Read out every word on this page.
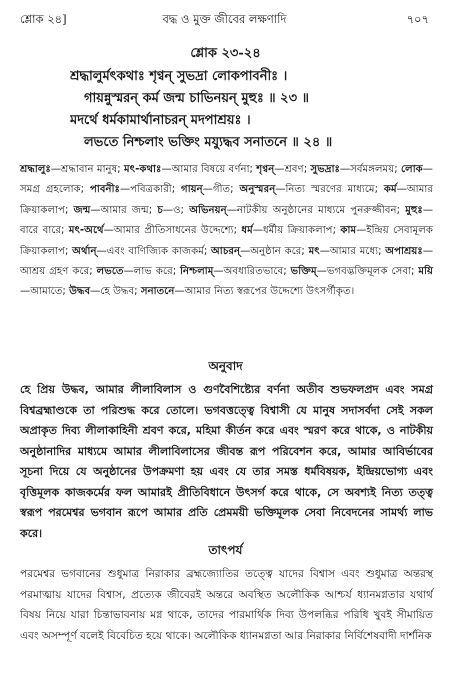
শ্লোক ২৪]	বদ্ধ ও মুক্ত জীবের লক্ষণাদি	৭০৭
শ্লোক ২৩-২৪
শ্রদ্ধালুর্মৎকথাঃ শৃণ্বন্ সুভদ্রা লোকপাবনীঃ ।
গায়ন্নুস্মরন্ কর্ম জন্ম চাভিনয়ন্ মুহুঃ ॥ ২৩ ॥
মদর্থে ধর্মকামার্থানাচরন্ মদপাশ্রয়ঃ ।
লভতে নিশ্চলাং ভক্তিং ময্যুদ্ধব সনাতনে ॥ ২৪ ॥
শ্রদ্ধালুঃ—শ্রদ্ধাবান মানুষ; মৎ-কথাঃ—আমার বিষয়ে বর্ণনা; শৃণ্বন্—শ্রবণ; সুভদ্রাঃ—সর্বমঙ্গলময়; লোক—সমগ্র গ্রহলোক; পাবনীঃ—পবিত্রকারী; গায়ন্—গীত; অনুস্মরন্—নিত্য স্মরণের মাধ্যমে; কর্ম—আমার ক্রিয়াকলাপ; জন্ম—আমার জন্ম; চ—ও; অভিনয়ন্—নাটকীয় অনুষ্ঠানের মাধ্যমে পুনরুজ্জীবন; মুহুঃ—বারে বারে; মৎ-অর্থে—আমার প্রীতিসাধনের উদ্দেশ্যে; ধর্ম—ধর্মীয় ক্রিয়াকলাপ; কাম—ইন্দ্রিয় সেবামূলক ক্রিয়াকলাপ; অর্থান্—এবং বাণিজ্যিক কাজকর্ম; আচরন্—অনুষ্ঠান করে; মৎ—আমার মধ্যে; অপাশ্রয়ঃ—আশ্রয় গ্রহণ করে; লভতে—লাভ করে; নিশ্চলাম্—অবধারিতভাবে; ভক্তিম্—ভগবদ্ভক্তিমূলক সেবা; ময়ি—আমাতে; উদ্ধব—হে উদ্ধব; সনাতনে—আমার নিত্য স্বরূপের উদ্দেশ্যে উৎসর্গীকৃত।
অনুবাদ
হে প্রিয় উদ্ধব, আমার লীলাবিলাস ও গুণবৈশিষ্ট্যের বর্ণনা অতীব শুভফলপ্রদ এবং সমগ্র বিশ্বব্রহ্মাণ্ডকে তা পরিশুদ্ধ করে তোলে। ভগবত্তত্ত্বে বিশ্বাসী যে মানুষ সদাসর্বদা সেই সকল অপ্রাকৃত দিব্য লীলাকাহিনী শ্রবণ করে, মহিমা কীর্তন করে এবং স্মরণ করে থাকে, ও নাটকীয় অনুষ্ঠানাদির মাধ্যমে আমার লীলাবিলাসের জীবন্ত রূপ পরিবেশন করে, আমার আবির্ভাবের সূচনা দিয়ে যে অনুষ্ঠানের উপক্রমণা হয় এবং যে তার সমস্ত ধর্মবিষয়ক, ইন্দ্রিয়ভোগ্য এবং বৃত্তিমূলক কাজকর্মের ফল আমারই প্রীতিবিধানে উৎসর্গ করে থাকে, সে অবশ্যই নিত্য তত্ত্ব স্বরূপ পরমেশ্বর ভগবান রূপে আমার প্রতি প্রেমময়ী ভক্তিমূলক সেবা নিবেদনের সামর্থ্য লাভ করে।
তাৎপর্য
পরমেশ্বর ভগবানের শুধুমাত্র নিরাকার ব্রহ্মজ্যোতির তত্ত্বে যাদের বিশ্বাস এবং শুধুমাত্র অন্তরস্থ পরমাত্মায় যাদের বিশ্বাস, প্রত্যেক জীবেরই অন্তরে অবস্থিত অলৌকিক আশ্চর্য ধ্যানমগ্নতার যথার্থ বিষয় নিয়ে যারা চিন্তাভাবনায় মগ্ন থাকে, তাদের পারমার্থিক দিব্য উপলব্ধির পরিধি খুবই সীমায়িত এবং অসম্পূর্ণ বলেই বিবেচিত হয়ে থাকে। অলৌকিক ধ্যানমগ্নতা আর নিরাকার নির্বিশেষবাদী দার্শনিক
